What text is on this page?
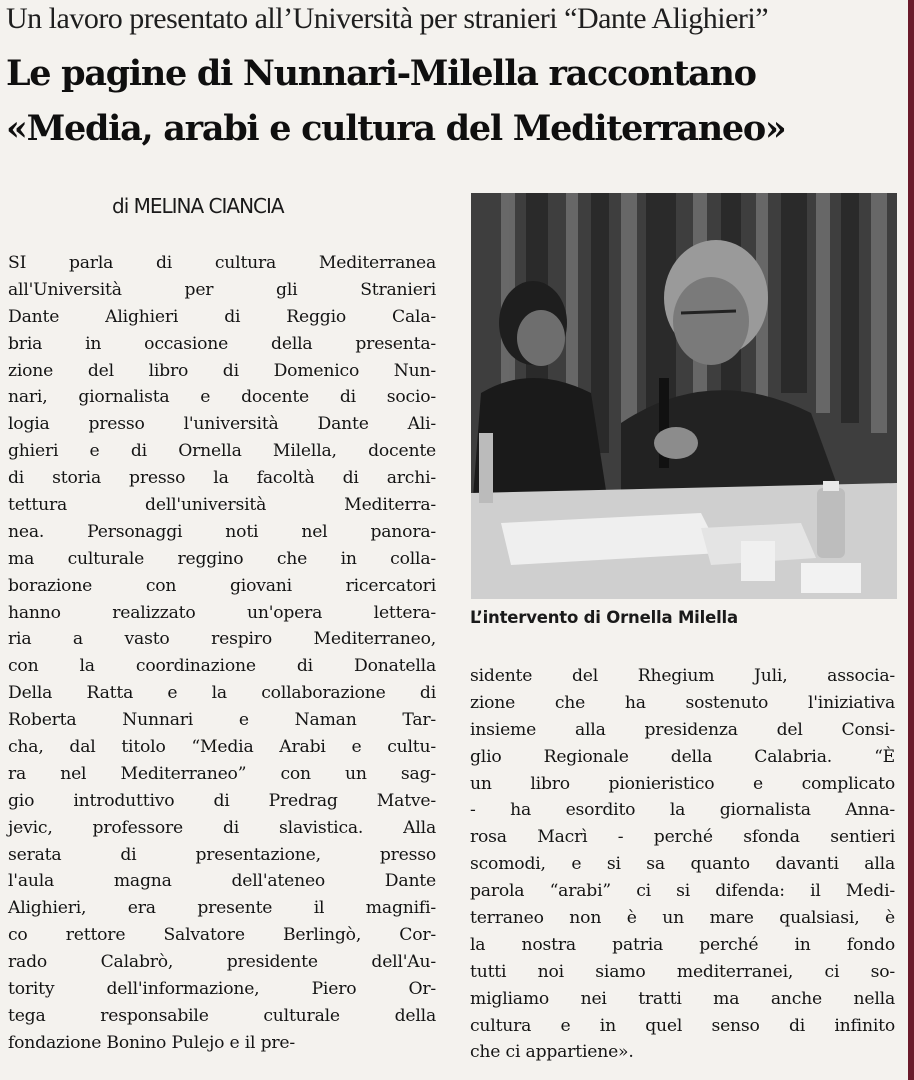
Un lavoro presentato all’Università per stranieri “Dante Alighieri”
Le pagine di Nunnari-Milella raccontano
«Media, arabi e cultura del Mediterraneo»
di MELINA CIANCIA
SI parla di cultura Mediterranea
all'Università per gli Stranieri
Dante Alighieri di Reggio Cala-
bria in occasione della presenta-
zione del libro di Domenico Nun-
nari, giornalista e docente di socio-
logia presso l'università Dante Ali-
ghieri e di Ornella Milella, docente
di storia presso la facoltà di archi-
tettura dell'università Mediterra-
nea. Personaggi noti nel panora-
ma culturale reggino che in colla-
borazione con giovani ricercatori
hanno realizzato un'opera lettera-
ria a vasto respiro Mediterraneo,
con la coordinazione di Donatella
Della Ratta e la collaborazione di
Roberta Nunnari e Naman Tar-
cha, dal titolo “Media Arabi e cultu-
ra nel Mediterraneo” con un sag-
gio introduttivo di Predrag Matve-
jevic, professore di slavistica. Alla
serata di presentazione, presso
l'aula magna dell'ateneo Dante
Alighieri, era presente il magnifi-
co rettore Salvatore Berlingò, Cor-
rado Calabrò, presidente dell'Au-
tority dell'informazione, Piero Or-
tega responsabile culturale della
fondazione Bonino Pulejo e il pre-
L’intervento di Ornella Milella
sidente del Rhegium Juli, associa-
zione che ha sostenuto l'iniziativa
insieme alla presidenza del Consi-
glio Regionale della Calabria. “È
un libro pionieristico e complicato
- ha esordito la giornalista Anna-
rosa Macrì - perché sfonda sentieri
scomodi, e si sa quanto davanti alla
parola “arabi” ci si difenda: il Medi-
terraneo non è un mare qualsiasi, è
la nostra patria perché in fondo
tutti noi siamo mediterranei, ci so-
migliamo nei tratti ma anche nella
cultura e in quel senso di infinito
che ci appartiene».
